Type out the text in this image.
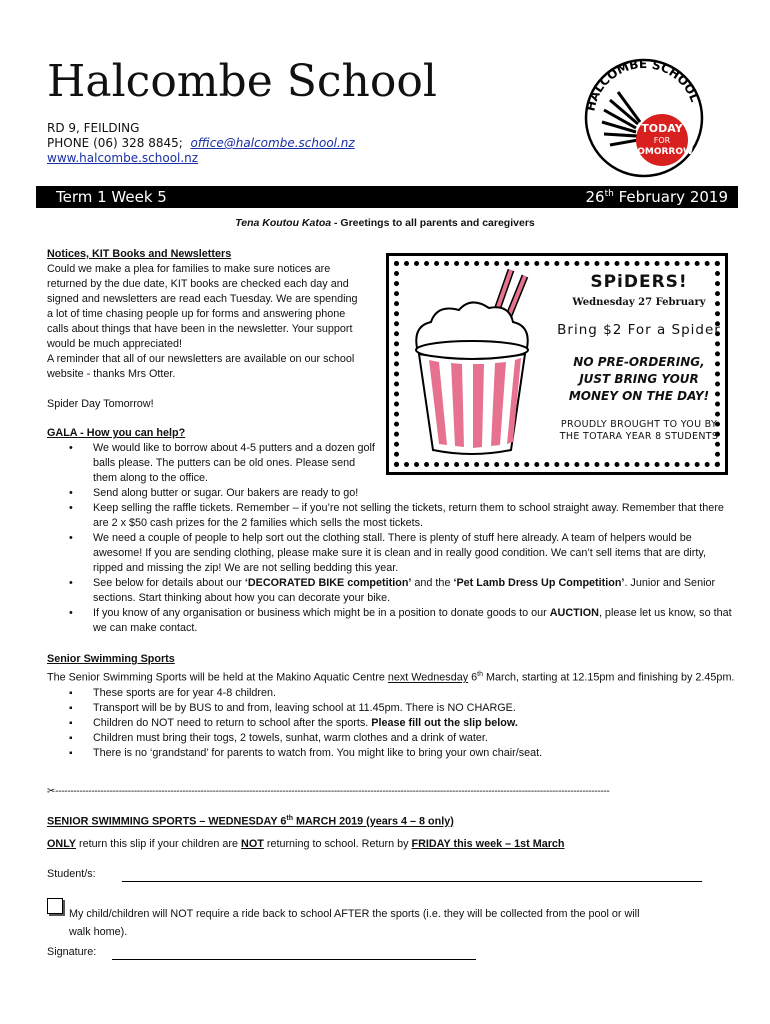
Halcombe School
RD 9, FEILDING
PHONE (06) 328 8845; office@halcombe.school.nz
www.halcombe.school.nz
HALCOMBE SCHOOL
TODAY
FOR
TOMORROW
Term 1 Week 5	26th February 2019
Tena Koutou Katoa - Greetings to all parents and caregivers
Notices, KIT Books and Newsletters
Could we make a plea for families to make sure notices are returned by the due date, KIT books are checked each day and signed and newsletters are read each Tuesday. We are spending a lot of time chasing people up for forms and answering phone calls about things that have been in the newsletter. Your support would be much appreciated!
A reminder that all of our newsletters are available on our school website - thanks Mrs Otter.
Spider Day Tomorrow!
SPiDERS!
Wednesday 27 February
Bring $2 For a Spider
NO PRE-ORDERING,
JUST BRING YOUR
MONEY ON THE DAY!
PROUDLY BROUGHT TO YOU BY
THE TOTARA YEAR 8 STUDENTS
GALA - How you can help?
• We would like to borrow about 4-5 putters and a dozen golf balls please. The putters can be old ones. Please send them along to the office.
• Send along butter or sugar. Our bakers are ready to go!
• Keep selling the raffle tickets. Remember – if you’re not selling the tickets, return them to school straight away. Remember that there are 2 x $50 cash prizes for the 2 families which sells the most tickets.
• We need a couple of people to help sort out the clothing stall. There is plenty of stuff here already. A team of helpers would be awesome! If you are sending clothing, please make sure it is clean and in really good condition. We can’t sell items that are dirty, ripped and missing the zip! We are not selling bedding this year.
• See below for details about our ‘DECORATED BIKE competition’ and the ‘Pet Lamb Dress Up Competition’. Junior and Senior sections. Start thinking about how you can decorate your bike.
• If you know of any organisation or business which might be in a position to donate goods to our AUCTION, please let us know, so that we can make contact.
Senior Swimming Sports
The Senior Swimming Sports will be held at the Makino Aquatic Centre next Wednesday 6th March, starting at 12.15pm and finishing by 2.45pm.
▪ These sports are for year 4-8 children.
▪ Transport will be by BUS to and from, leaving school at 11.45pm. There is NO CHARGE.
▪ Children do NOT need to return to school after the sports. Please fill out the slip below.
▪ Children must bring their togs, 2 towels, sunhat, warm clothes and a drink of water.
▪ There is no ‘grandstand’ for parents to watch from. You might like to bring your own chair/seat.
✂---------------------------------------------------------------------------------------------------------------------------------------------------------------------------------------
SENIOR SWIMMING SPORTS – WEDNESDAY 6th MARCH 2019 (years 4 – 8 only)
ONLY return this slip if your children are NOT returning to school. Return by FRIDAY this week – 1st March
Student/s:
My child/children will NOT require a ride back to school AFTER the sports (i.e. they will be collected from the pool or will
walk home).
Signature:
